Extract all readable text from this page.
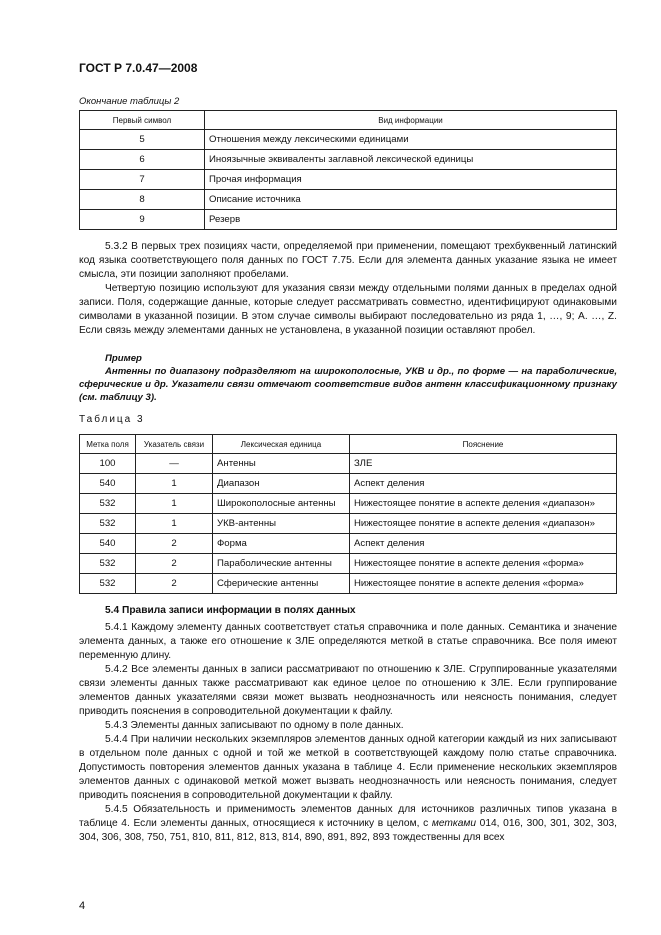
ГОСТ Р 7.0.47—2008
Окончание таблицы 2
Первый символ	Вид информации
5	Отношения между лексическими единицами
6	Иноязычные эквиваленты заглавной лексической единицы
7	Прочая информация
8	Описание источника
9	Резерв

5.3.2 В первых трех позициях части, определяемой при применении, помещают трехбуквенный латинский код языка соответствующего поля данных по ГОСТ 7.75. Если для элемента данных указание языка не имеет смысла, эти позиции заполняют пробелами.

Четвертую позицию используют для указания связи между отдельными полями данных в пределах одной записи. Поля, содержащие данные, которые следует рассматривать совместно, идентифицируют одинаковыми символами в указанной позиции. В этом случае символы выбирают последовательно из ряда 1, …, 9; A. …, Z. Если связь между элементами данных не установлена, в указанной позиции оставляют пробел.

Пример

Антенны по диапазону подразделяют на широкополосные, УКВ и др., по форме — на параболические, сферические и др. Указатели связи отмечают соответствие видов антенн классификационному признаку (см. таблицу 3).

Таблица 3
Метка поля	Указатель связи	Лексическая единица	Пояснение
100	—	Антенны	ЗЛЕ
540	1	Диапазон	Аспект деления
532	1	Широкополосные антенны	Нижестоящее понятие в аспекте деления «диапазон»
532	1	УКВ-антенны	Нижестоящее понятие в аспекте деления «диапазон»
540	2	Форма	Аспект деления
532	2	Параболические антенны	Нижестоящее понятие в аспекте деления «форма»
532	2	Сферические антенны	Нижестоящее понятие в аспекте деления «форма»

5.4 Правила записи информации в полях данных

5.4.1 Каждому элементу данных соответствует статья справочника и поле данных. Семантика и значение элемента данных, а также его отношение к ЗЛЕ определяются меткой в статье справочника. Все поля имеют переменную длину.

5.4.2 Все элементы данных в записи рассматривают по отношению к ЗЛЕ. Сгруппированные указателями связи элементы данных также рассматривают как единое целое по отношению к ЗЛЕ. Если группирование элементов данных указателями связи может вызвать неоднозначность или неясность понимания, следует приводить пояснения в сопроводительной документации к файлу.

5.4.3 Элементы данных записывают по одному в поле данных.

5.4.4 При наличии нескольких экземпляров элементов данных одной категории каждый из них записывают в отдельном поле данных с одной и той же меткой в соответствующей каждому полю статье справочника. Допустимость повторения элементов данных указана в таблице 4. Если применение нескольких экземпляров элементов данных с одинаковой меткой может вызвать неоднозначность или неясность понимания, следует приводить пояснения в сопроводительной документации к файлу.

5.4.5 Обязательность и применимость элементов данных для источников различных типов указана в таблице 4. Если элементы данных, относящиеся к источнику в целом, с метками 014, 016, 300, 301, 302, 303, 304, 306, 308, 750, 751, 810, 811, 812, 813, 814, 890, 891, 892, 893 тождественны для всех

4
